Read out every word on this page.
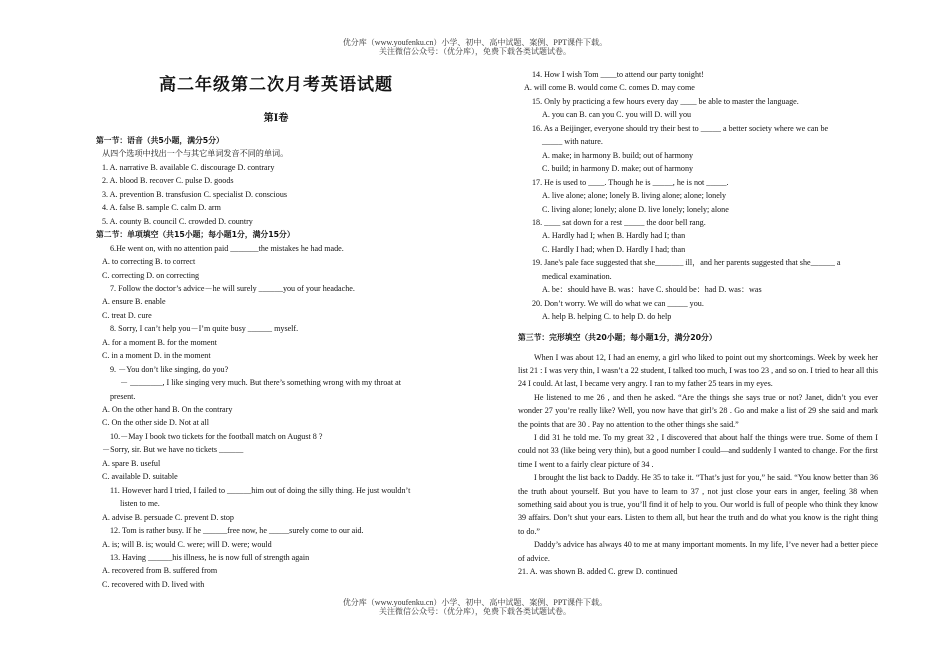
优分库（www.youfenku.cn）小学、初中、高中试题、案例、PPT课件下载。
关注微信公众号：（优分库），免费下载各类试题试卷。
高二年级第二次月考英语试题
第Ⅰ卷
第一节：语音（共5小题，满分5分）
从四个选项中找出一个与其它单词发音不同的单词。
1. A. narrative B. available C. discourage D. contrary
2. A. blood B. recover C. pulse D. goods
3. A. prevention B. transfusion C. specialist D. conscious
4. A. false B. sample C. calm D. arm
5. A. county B. council C. crowded D. country
第二节：单项填空（共15小题；每小题1分，满分15分）
6.He went on, with no attention paid _______the mistakes he had made.
A. to correcting B. to correct
C. correcting D. on correcting
7. Follow the doctor’s advice－he will surely ______you of your headache.
A. ensure B. enable
C. treat D. cure
8. Sorry, I can’t help you－I’m quite busy ______ myself.
A. for a moment B. for the moment
C. in a moment D. in the moment
9. －You don’t like singing, do you?
－ ________, I like singing very much. But there’s something wrong with my throat at
present.
A. On the other hand B. On the contrary
C. On the other side D. Not at all
10.－May I book two tickets for the football match on August 8 ?
－Sorry, sir. But we have no tickets ______
A. spare B. useful
C. available D. suitable
11. However hard I tried, I failed to ______him out of doing the silly thing. He just wouldn’t
listen to me.
A. advise B. persuade C. prevent D. stop
12. Tom is rather busy. If he ______free now, he _____surely come to our aid.
A. is; will B. is; would C. were; will D. were; would
13. Having ______his illness, he is now full of strength again
A. recovered from B. suffered from
C. recovered with D. lived with
14. How I wish Tom ____to attend our party tonight!
A. will come B. would come C. comes D. may come
15. Only by practicing a few hours every day ____ be able to master the language.
A. you can B. can you C. you will D. will you
16. As a Beijinger, everyone should try their best to _____ a better society where we can be
_____ with nature.
A. make; in harmony B. build; out of harmony
C. build; in harmony D. make; out of harmony
17. He is used to ____. Though he is _____, he is not _____.
A. live alone; alone; lonely B. living alone; alone; lonely
C. living alone; lonely; alone D. live lonely; lonely; alone
18. ____ sat down for a rest _____ the door bell rang.
A. Hardly had I; when B. Hardly had I; than
C. Hardly I had; when D. Hardly I had; than
19. Jane's pale face suggested that she_______ ill，and her parents suggested that she______ a
medical examination.
A. be：should have B. was：have C. should be：had D. was：was
20. Don’t worry. We will do what we can _____ you.
A. help B. helping C. to help D. do help
第三节：完形填空（共20小题；每小题1分，满分20分）
When I was about 12, I had an enemy, a girl who liked to point out my shortcomings. Week by week her list 21 : I was very thin, I wasn’t a 22 student, I talked too much, I was too 23 , and so on. I tried to hear all this 24 I could. At last, I became very angry. I ran to my father 25 tears in my eyes.
He listened to me 26 , and then he asked. “Are the things she says true or not? Janet, didn’t you ever wonder 27 you’re really like? Well, you now have that girl’s 28 . Go and make a list of 29 she said and mark the points that are 30 . Pay no attention to the other things she said.”
I did 31 he told me. To my great 32 , I discovered that about half the things were true. Some of them I could not 33 (like being very thin), but a good number I could—and suddenly I wanted to change. For the first time I went to a fairly clear picture of 34 .
I brought the list back to Daddy. He 35 to take it. “That’s just for you,” he said. “You know better than 36 the truth about yourself. But you have to learn to 37 , not just close your ears in anger, feeling 38 when something said about you is true, you’ll find it of help to you. Our world is full of people who think they know 39 affairs. Don’t shut your ears. Listen to them all, but hear the truth and do what you know is the right thing to do.”
Daddy’s advice has always 40 to me at many important moments. In my life, I’ve never had a better piece of advice.
21. A. was shown B. added C. grew D. continued
优分库（www.youfenku.cn）小学、初中、高中试题、案例、PPT课件下载。
关注微信公众号：（优分库），免费下载各类试题试卷。
